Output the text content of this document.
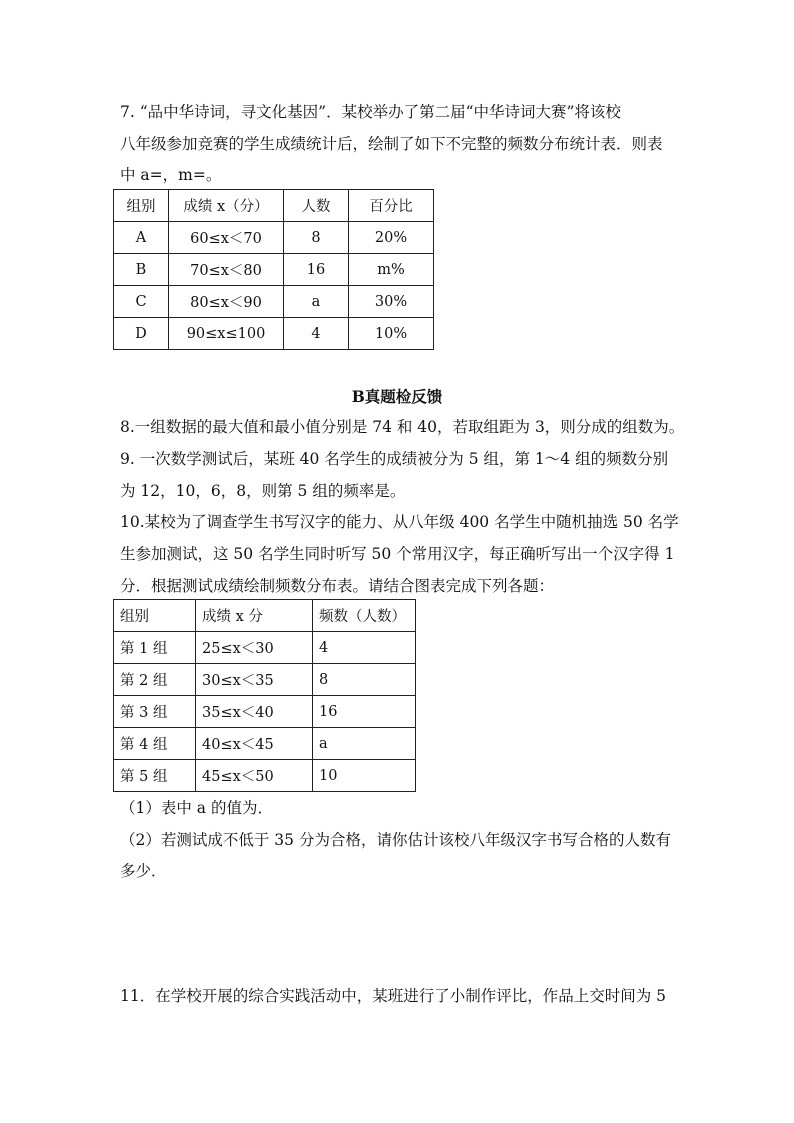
7. “品中华诗词，寻文化基因”．某校举办了第二届“中华诗词大赛”将该校
八年级参加竞赛的学生成绩统计后，绘制了如下不完整的频数分布统计表．则表
中 a=，m=。
组别	成绩 x（分）	人数	百分比
A	60≤x＜70	8	20%
B	70≤x＜80	16	m%
C	80≤x＜90	a	30%
D	90≤x≤100	4	10%
B真题检反馈
8.一组数据的最大值和最小值分别是 74 和 40，若取组距为 3，则分成的组数为。
9. 一次数学测试后，某班 40 名学生的成绩被分为 5 组，第 1～4 组的频数分别
为 12，10，6，8，则第 5 组的频率是。
10.某校为了调查学生书写汉字的能力、从八年级 400 名学生中随机抽选 50 名学
生参加测试，这 50 名学生同时听写 50 个常用汉字，每正确听写出一个汉字得 1
分．根据测试成绩绘制频数分布表。请结合图表完成下列各题：
组别	成绩 x 分	频数（人数）
第 1 组	25≤x＜30	4
第 2 组	30≤x＜35	8
第 3 组	35≤x＜40	16
第 4 组	40≤x＜45	a
第 5 组	45≤x＜50	10
（1）表中 a 的值为．
（2）若测试成不低于 35 分为合格，请你估计该校八年级汉字书写合格的人数有
多少．
11．在学校开展的综合实践活动中，某班进行了小制作评比，作品上交时间为 5
